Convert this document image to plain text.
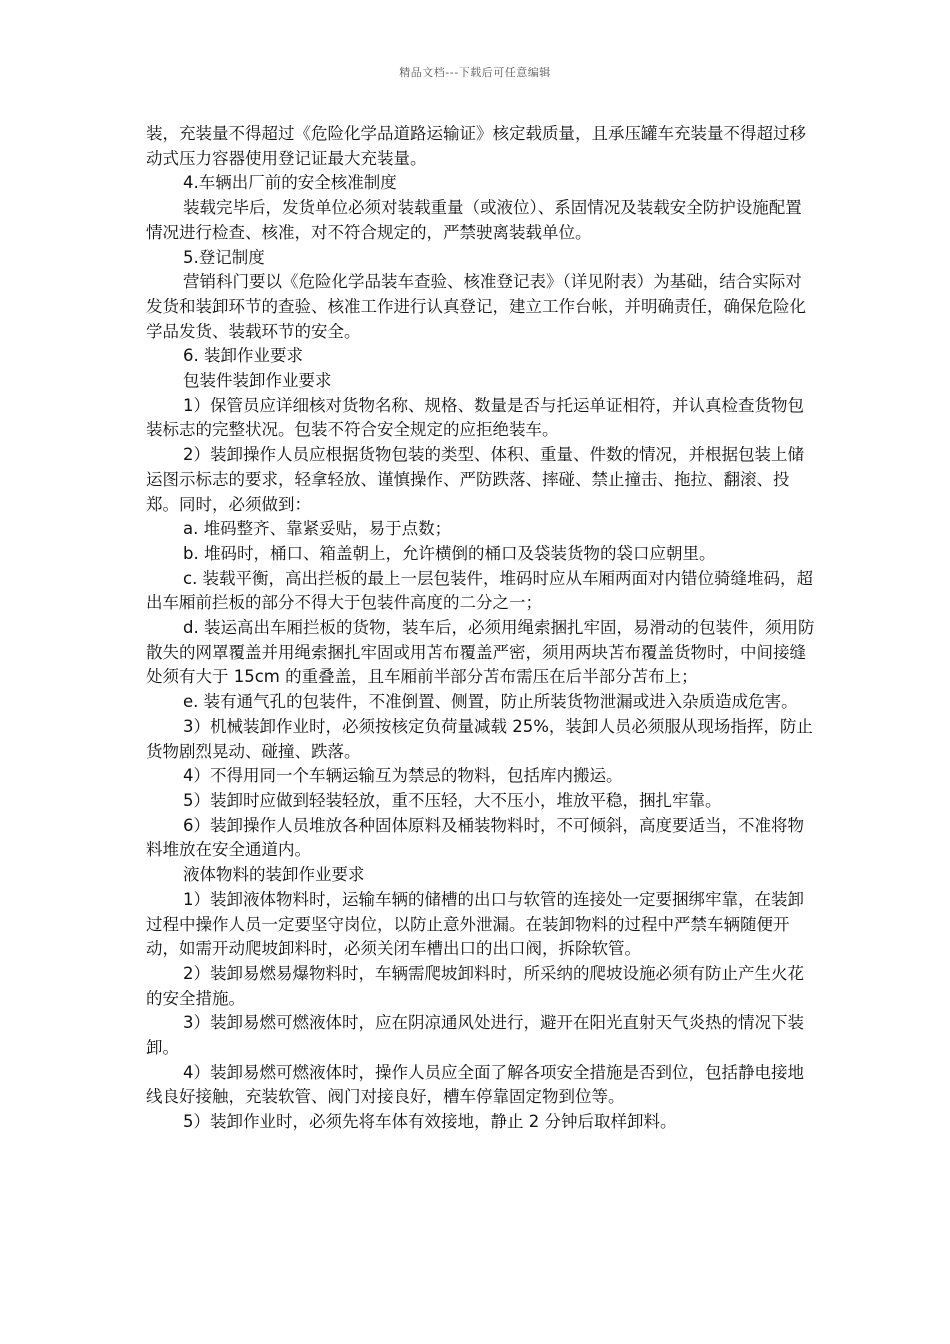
精品文档---下载后可任意编辑

装，充装量不得超过《危险化学品道路运输证》核定载质量，且承压罐车充装量不得超过移动式压力容器使用登记证最大充装量。

4.车辆出厂前的安全核准制度

装载完毕后，发货单位必须对装载重量（或液位）、系固情况及装载安全防护设施配置情况进行检查、核准，对不符合规定的，严禁驶离装载单位。

5.登记制度

营销科门要以《危险化学品装车查验、核准登记表》（详见附表）为基础，结合实际对发货和装卸环节的查验、核准工作进行认真登记，建立工作台帐，并明确责任，确保危险化学品发货、装载环节的安全。

6. 装卸作业要求

包装件装卸作业要求

1）保管员应详细核对货物名称、规格、数量是否与托运单证相符，并认真检查货物包装标志的完整状况。包装不符合安全规定的应拒绝装车。

2）装卸操作人员应根据货物包装的类型、体积、重量、件数的情况，并根据包装上储运图示标志的要求，轻拿轻放、谨慎操作、严防跌落、摔碰、禁止撞击、拖拉、翻滚、投郑。同时，必须做到：

a. 堆码整齐、靠紧妥贴，易于点数；

b. 堆码时，桶口、箱盖朝上，允许横倒的桶口及袋装货物的袋口应朝里。

c. 装载平衡，高出拦板的最上一层包装件，堆码时应从车厢两面对内错位骑缝堆码，超出车厢前拦板的部分不得大于包装件高度的二分之一；

d. 装运高出车厢拦板的货物，装车后，必须用绳索捆扎牢固，易滑动的包装件，须用防散失的网罩覆盖并用绳索捆扎牢固或用苫布覆盖严密，须用两块苫布覆盖货物时，中间接缝处须有大于 15cm 的重叠盖，且车厢前半部分苫布需压在后半部分苫布上；

e. 装有通气孔的包装件，不准倒置、侧置，防止所装货物泄漏或进入杂质造成危害。

3）机械装卸作业时，必须按核定负荷量减载 25%，装卸人员必须服从现场指挥，防止货物剧烈晃动、碰撞、跌落。

4）不得用同一个车辆运输互为禁忌的物料，包括库内搬运。

5）装卸时应做到轻装轻放，重不压轻，大不压小，堆放平稳，捆扎牢靠。

6）装卸操作人员堆放各种固体原料及桶装物料时，不可倾斜，高度要适当，不准将物料堆放在安全通道内。

液体物料的装卸作业要求

1）装卸液体物料时，运输车辆的储槽的出口与软管的连接处一定要捆绑牢靠，在装卸过程中操作人员一定要坚守岗位，以防止意外泄漏。在装卸物料的过程中严禁车辆随便开动，如需开动爬坡卸料时，必须关闭车槽出口的出口阀，拆除软管。

2）装卸易燃易爆物料时，车辆需爬坡卸料时，所采纳的爬坡设施必须有防止产生火花的安全措施。

3）装卸易燃可燃液体时，应在阴凉通风处进行，避开在阳光直射天气炎热的情况下装卸。

4）装卸易燃可燃液体时，操作人员应全面了解各项安全措施是否到位，包括静电接地线良好接触，充装软管、阀门对接良好，槽车停靠固定物到位等。

5）装卸作业时，必须先将车体有效接地，静止 2 分钟后取样卸料。
